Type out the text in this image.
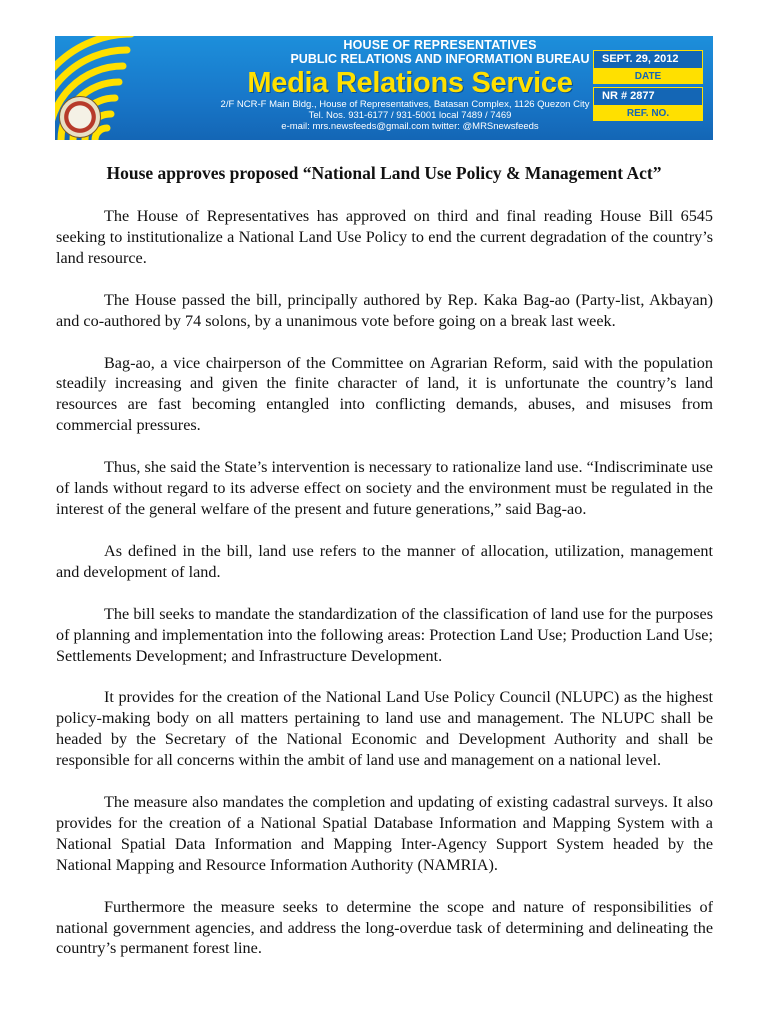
HOUSE OF REPRESENTATIVES
PUBLIC RELATIONS AND INFORMATION BUREAU
Media Relations Service
2/F NCR-F Main Bldg., House of Representatives, Batasan Complex, 1126 Quezon City
Tel. Nos. 931-6177 / 931-5001 local 7489 / 7469
e-mail: mrs.newsfeeds@gmail.com twitter: @MRSnewsfeeds
SEPT. 29, 2012
DATE
NR # 2877
REF. NO.
House approves proposed “National Land Use Policy & Management Act”

The House of Representatives has approved on third and final reading House Bill 6545 seeking to institutionalize a National Land Use Policy to end the current degradation of the country’s land resource.

The House passed the bill, principally authored by Rep. Kaka Bag-ao (Party-list, Akbayan) and co-authored by 74 solons, by a unanimous vote before going on a break last week.

Bag-ao, a vice chairperson of the Committee on Agrarian Reform, said with the population steadily increasing and given the finite character of land, it is unfortunate the country’s land resources are fast becoming entangled into conflicting demands, abuses, and misuses from commercial pressures.

Thus, she said the State’s intervention is necessary to rationalize land use. “Indiscriminate use of lands without regard to its adverse effect on society and the environment must be regulated in the interest of the general welfare of the present and future generations,” said Bag-ao.

As defined in the bill, land use refers to the manner of allocation, utilization, management and development of land.

The bill seeks to mandate the standardization of the classification of land use for the purposes of planning and implementation into the following areas: Protection Land Use; Production Land Use; Settlements Development; and Infrastructure Development.

It provides for the creation of the National Land Use Policy Council (NLUPC) as the highest policy-making body on all matters pertaining to land use and management. The NLUPC shall be headed by the Secretary of the National Economic and Development Authority and shall be responsible for all concerns within the ambit of land use and management on a national level.

The measure also mandates the completion and updating of existing cadastral surveys. It also provides for the creation of a National Spatial Database Information and Mapping System with a National Spatial Data Information and Mapping Inter-Agency Support System headed by the National Mapping and Resource Information Authority (NAMRIA).

Furthermore the measure seeks to determine the scope and nature of responsibilities of national government agencies, and address the long-overdue task of determining and delineating the country’s permanent forest line.
